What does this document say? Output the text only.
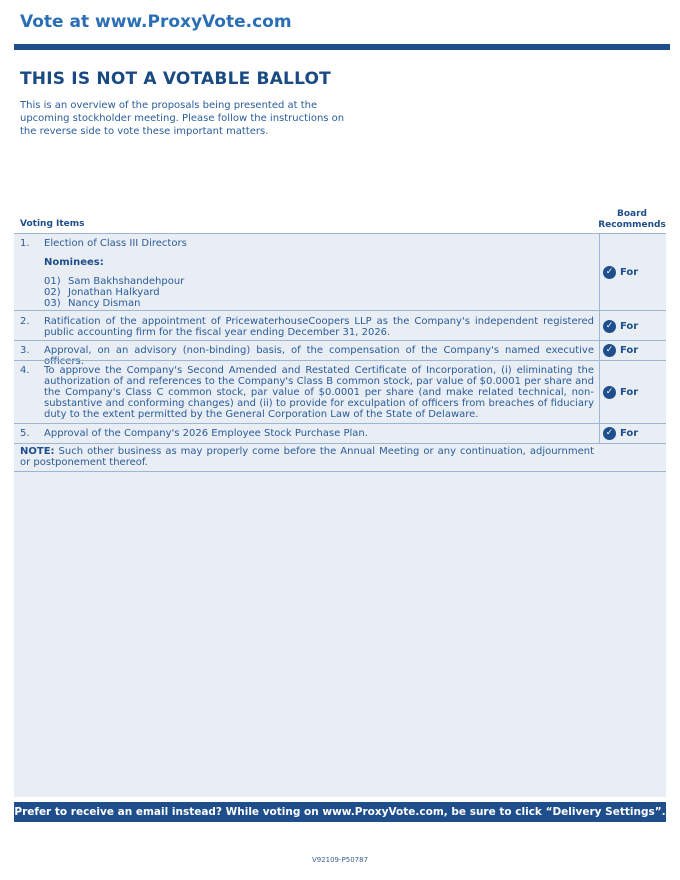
Vote at www.ProxyVote.com
THIS IS NOT A VOTABLE BALLOT
This is an overview of the proposals being presented at the
upcoming stockholder meeting. Please follow the instructions on
the reverse side to vote these important matters.
Voting Items
Board
Recommends
1. Election of Class III Directors
Nominees:
01) Sam Bakhshandehpour
02) Jonathan Halkyard
03) Nancy Disman
✓ For
2. Ratification of the appointment of PricewaterhouseCoopers LLP as the Company's independent registered public accounting firm for the fiscal year ending December 31, 2026.
✓ For
3. Approval, on an advisory (non-binding) basis, of the compensation of the Company's named executive officers.
✓ For
4. To approve the Company's Second Amended and Restated Certificate of Incorporation, (i) eliminating the authorization of and references to the Company's Class B common stock, par value of $0.0001 per share and the Company's Class C common stock, par value of $0.0001 per share (and make related technical, non-substantive and conforming changes) and (ii) to provide for exculpation of officers from breaches of fiduciary duty to the extent permitted by the General Corporation Law of the State of Delaware.
✓ For
5. Approval of the Company's 2026 Employee Stock Purchase Plan.	✓ For
NOTE: Such other business as may properly come before the Annual Meeting or any continuation, adjournment or postponement thereof.
Prefer to receive an email instead? While voting on www.ProxyVote.com, be sure to click “Delivery Settings”.
V92109-P50787
